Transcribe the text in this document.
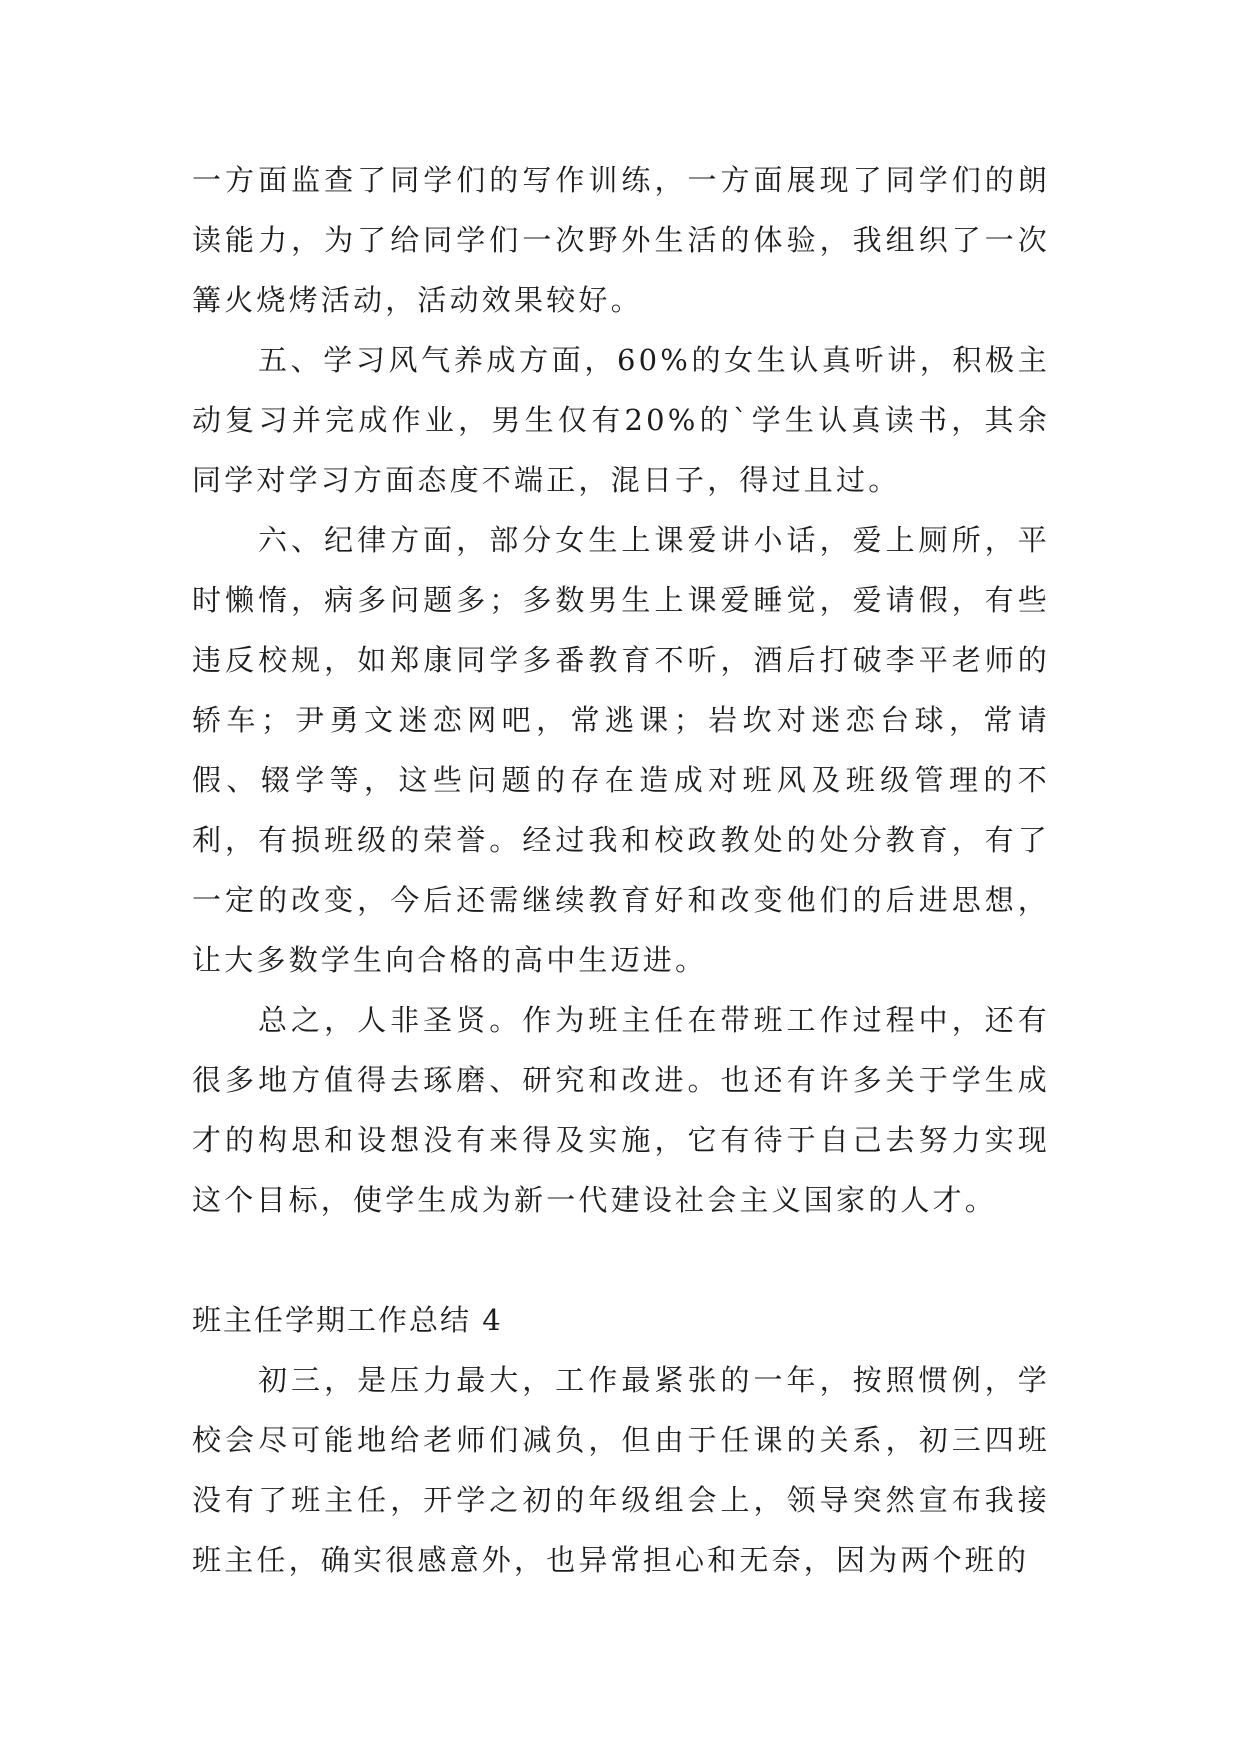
一方面监查了同学们的写作训练，一方面展现了同学们的朗读能力，为了给同学们一次野外生活的体验，我组织了一次篝火烧烤活动，活动效果较好。

五、学习风气养成方面，60%的女生认真听讲，积极主动复习并完成作业，男生仅有20%的`学生认真读书，其余同学对学习方面态度不端正，混日子，得过且过。

六、纪律方面，部分女生上课爱讲小话，爱上厕所，平时懒惰，病多问题多；多数男生上课爱睡觉，爱请假，有些违反校规，如郑康同学多番教育不听，酒后打破李平老师的轿车；尹勇文迷恋网吧，常逃课；岩坎对迷恋台球，常请假、辍学等，这些问题的存在造成对班风及班级管理的不利，有损班级的荣誉。经过我和校政教处的处分教育，有了一定的改变，今后还需继续教育好和改变他们的后进思想，让大多数学生向合格的高中生迈进。

总之，人非圣贤。作为班主任在带班工作过程中，还有很多地方值得去琢磨、研究和改进。也还有许多关于学生成才的构思和设想没有来得及实施，它有待于自己去努力实现这个目标，使学生成为新一代建设社会主义国家的人才。

班主任学期工作总结 4

初三，是压力最大，工作最紧张的一年，按照惯例，学校会尽可能地给老师们减负，但由于任课的关系，初三四班没有了班主任，开学之初的年级组会上，领导突然宣布我接班主任，确实很感意外，也异常担心和无奈，因为两个班的
